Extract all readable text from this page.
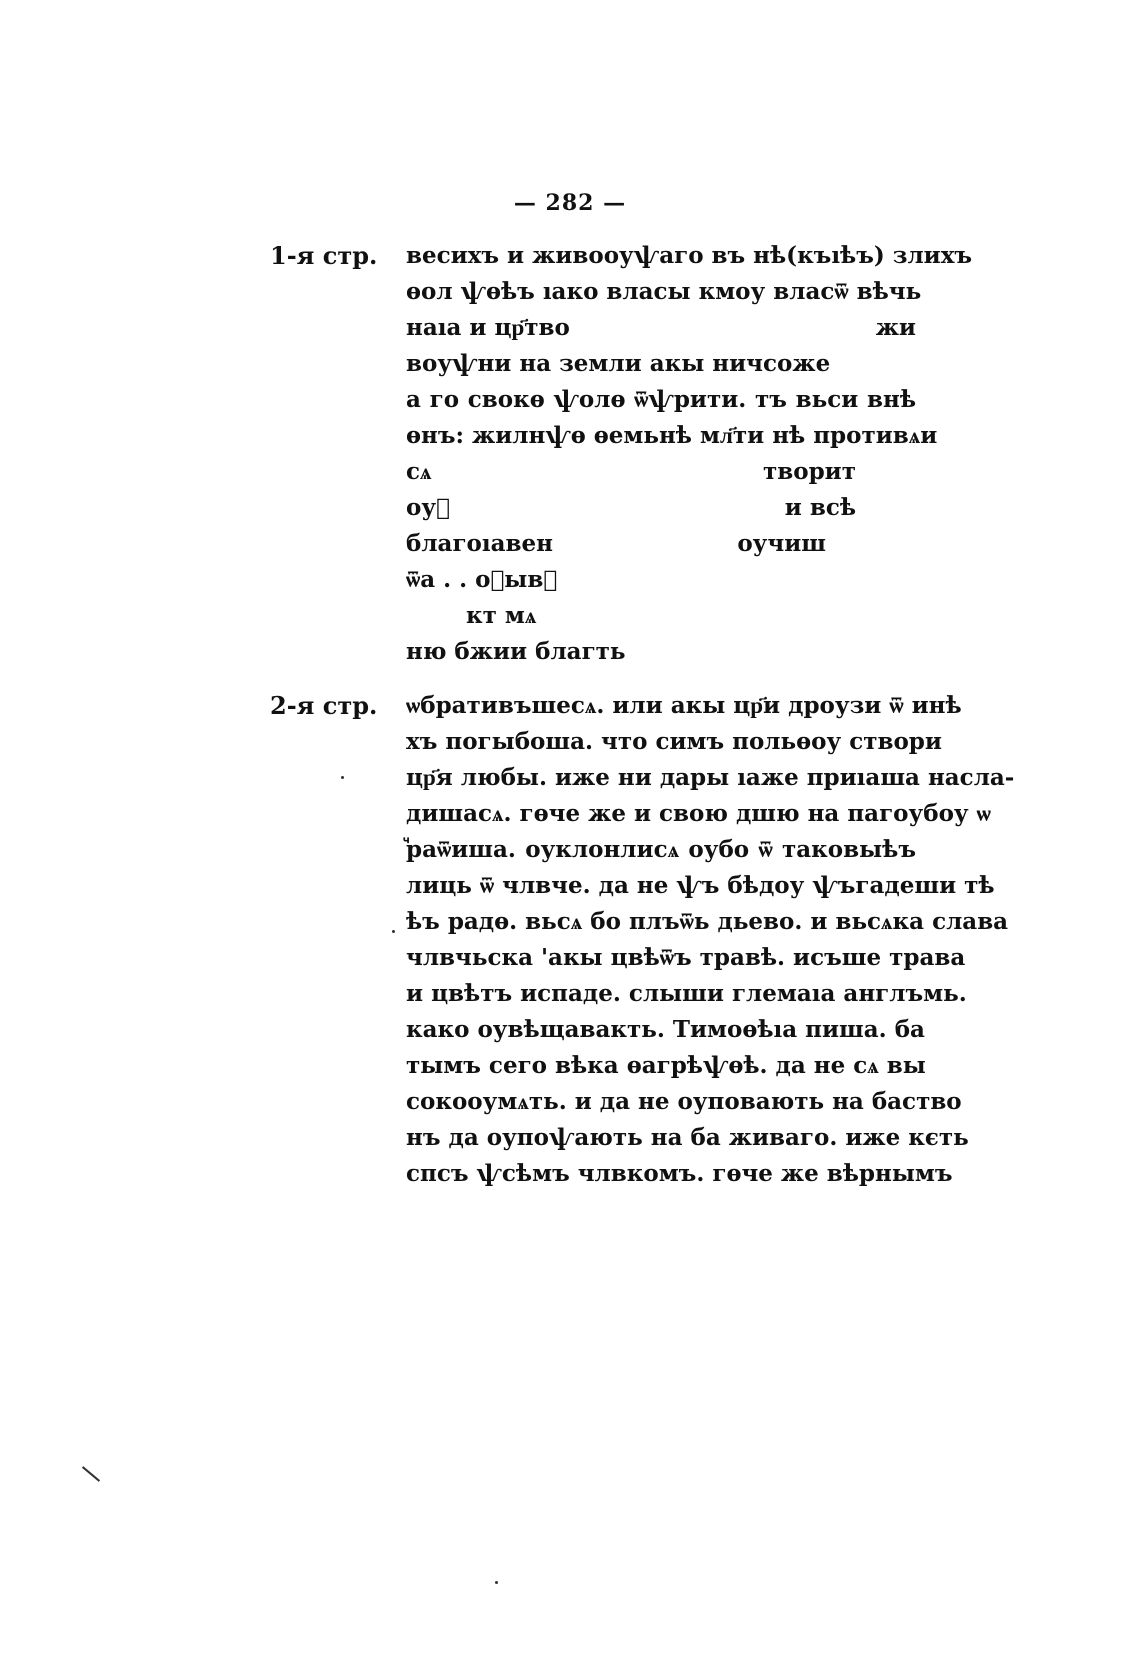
— 282 —
1-я стр. весихъ и живооуѱаго въ нѣ(къıѣъ) злихъ
ѳол ѱѳѣъ ıако власы кмоу власѿ вѣчь
наıа и цр҃тво	жи
воуѱни на земли акы ничсоже
а го свокѳ ѱолѳ ѿѱрити. тъ вьси внѣ
ѳнъ: жилнѱѳ ѳемьнѣ мл҃ти нѣ противѧи
сѧ	творит
оуⷱ	и всѣ
благоıавен	оучиш
ѿа . . оⷱывⷥ
кт мѧ
ню бжии благть
2-я стр. ѡбративъшесѧ. или акы цр҃и дроузи ѿ инѣ
хъ погыбоша. что симъ польѳоу створи
цр҃я любы. иже ни дары ıаже приıаша насла-
дишасѧ. гѳче же и свою дшю на пагоубоу ѡ
ⷱраѿиша. оуклонлисѧ оубо ѿ таковыѣъ
лиць ѿ члвче. да не ѱъ бѣдоу ѱъгадеши тѣ
ѣъ радѳ. вьсѧ бо плъѿь дьево. и вьсѧка слава
члвчьска 'акы цвѣѿъ травѣ. исъше трава
и цвѣтъ испаде. слыши глемаıа англъмь.
како оувѣщавакть. Тимоѳѣıа пиша. ба
тымъ сего вѣка ѳагрѣѱѳѣ. да не сѧ вы
сокооумѧть. и да не оуповають на баство
нъ да оупоѱають на ба живаго. иже кєть
спсъ ѱсѣмъ члвкомъ. гѳче же вѣрнымъ
